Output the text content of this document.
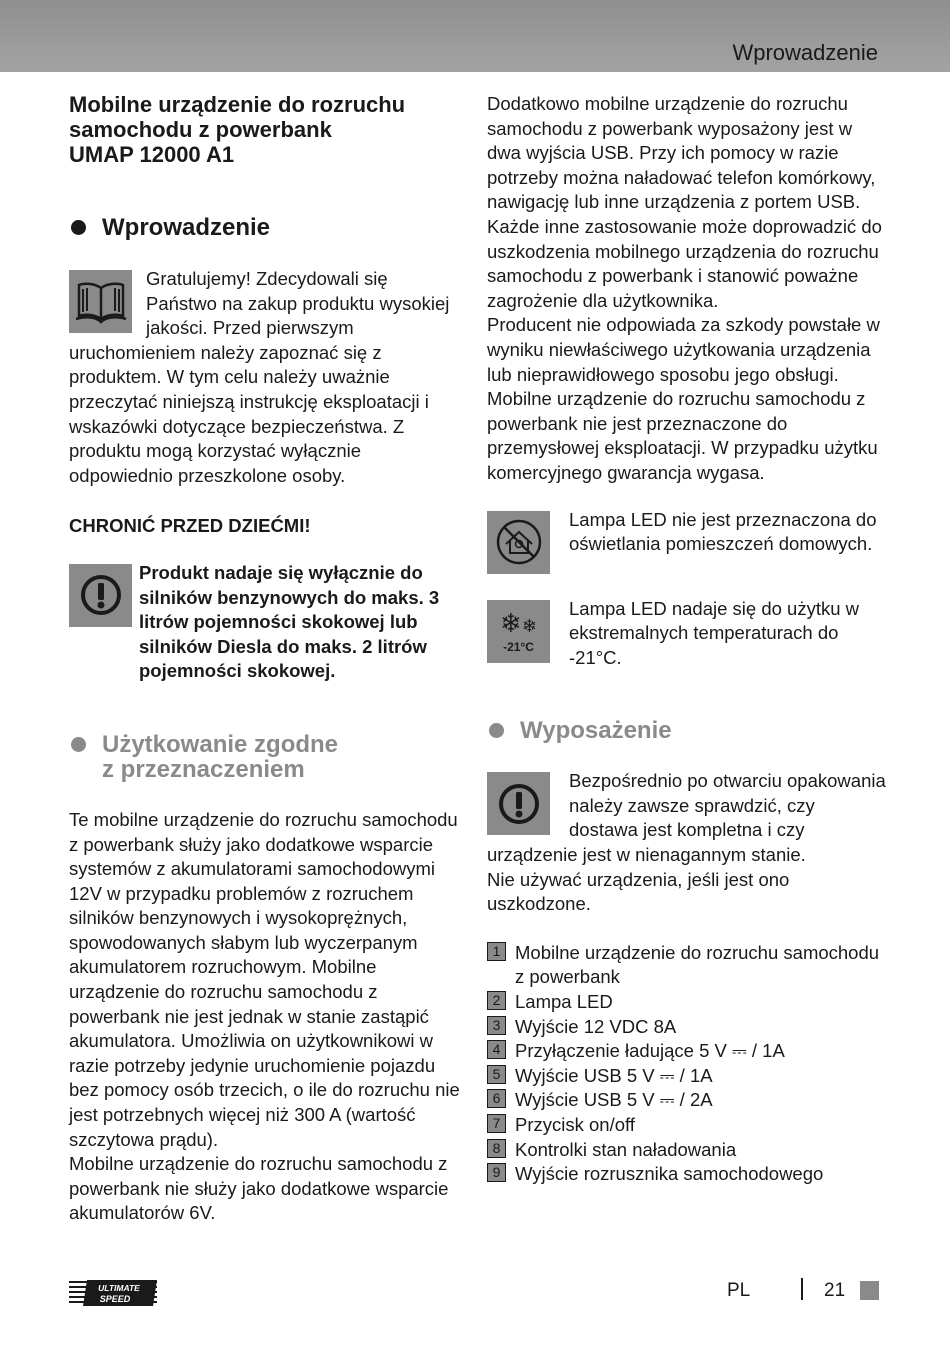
Wprowadzenie
Mobilne urządzenie do rozruchu
samochodu z powerbank
UMAP 12000 A1
Wprowadzenie

Gratulujemy! Zdecydowali się Państwo na zakup produktu wysokiej jakości. Przed pierwszym uruchomieniem należy zapoznać się z produktem. W tym celu należy uważnie przeczytać niniejszą instrukcję eksploatacji i wskazówki dotyczące bezpieczeństwa. Z produktu mogą korzystać wyłącznie odpowiednio przeszkolone osoby.

CHRONIĆ PRZED DZIEĆMI!

Produkt nadaje się wyłącznie do silników benzynowych do maks. 3 litrów pojemności skokowej lub silników Diesla do maks. 2 litrów pojemności skokowej.

Użytkowanie zgodne
z przeznaczeniem

Te mobilne urządzenie do rozruchu samochodu z powerbank służy jako dodatkowe wsparcie systemów z akumulatorami samochodowymi 12V w przypadku problemów z rozruchem silników benzynowych i wysokoprężnych, spowodowanych słabym lub wyczerpanym akumulatorem rozruchowym. Mobilne urządzenie do rozruchu samochodu z powerbank nie jest jednak w stanie zastąpić akumulatora. Umożliwia on użytkownikowi w razie potrzeby jedynie uruchomienie pojazdu bez pomocy osób trzecich, o ile do rozruchu nie jest potrzebnych więcej niż 300 A (wartość szczytowa prądu).

Mobilne urządzenie do rozruchu samochodu z powerbank nie służy jako dodatkowe wsparcie akumulatorów 6V.

Dodatkowo mobilne urządzenie do rozruchu samochodu z powerbank wyposażony jest w dwa wyjścia USB. Przy ich pomocy w razie potrzeby można naładować telefon komórkowy, nawigację lub inne urządzenia z portem USB.

Każde inne zastosowanie może doprowadzić do uszkodzenia mobilnego urządzenia do rozruchu samochodu z powerbank i stanowić poważne zagrożenie dla użytkownika.

Producent nie odpowiada za szkody powstałe w wyniku niewłaściwego użytkowania urządzenia lub nieprawidłowego sposobu jego obsługi.

Mobilne urządzenie do rozruchu samochodu z powerbank nie jest przeznaczone do przemysłowej eksploatacji. W przypadku użytku komercyjnego gwarancja wygasa.

Lampa LED nie jest przeznaczona do oświetlania pomieszczeń domowych.

❄❄
-21°C

Lampa LED nadaje się do użytku w ekstremalnych temperaturach do -21°C.

Wyposażenie

Bezpośrednio po otwarciu opakowania należy zawsze sprawdzić, czy dostawa jest kompletna i czy urządzenie jest w nienagannym stanie.

Nie używać urządzenia, jeśli jest ono uszkodzone.

1 Mobilne urządzenie do rozruchu samochodu z powerbank
2 Lampa LED
3 Wyjście 12 VDC 8A
4 Przyłączenie ładujące 5 V ⎓ / 1A
5 Wyjście USB 5 V ⎓ / 1A
6 Wyjście USB 5 V ⎓ / 2A
7 Przycisk on/off
8 Kontrolki stan naładowania
9 Wyjście rozrusznika samochodowego
ULTIMATE
SPEED	PL	21
